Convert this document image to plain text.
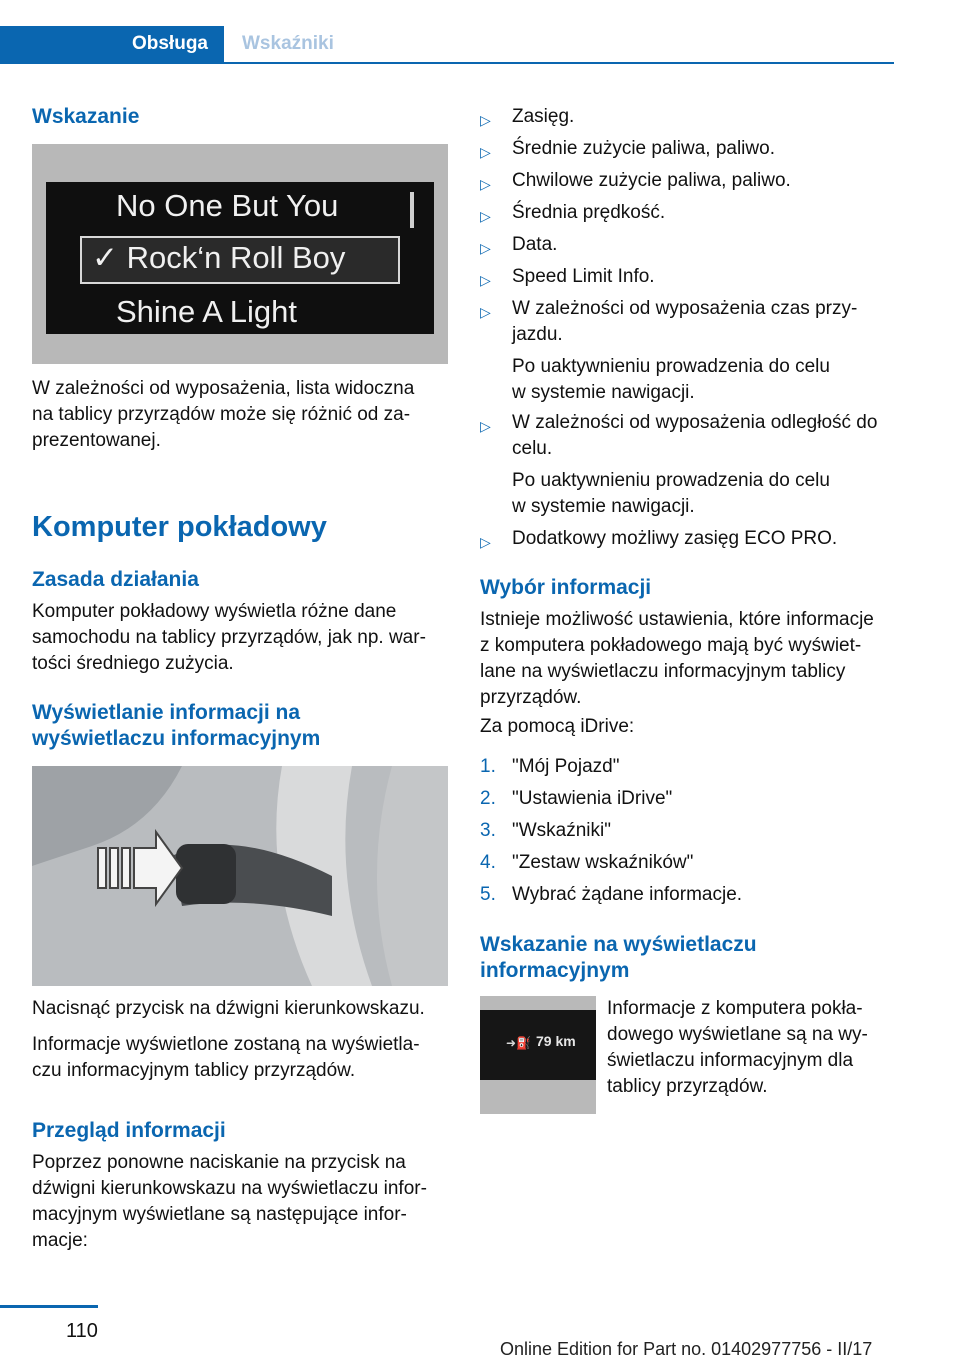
Obsługa	Wskaźniki
Wskazanie
No One But You
✓ Rock‘n Roll Boy
Shine A Light

W zależności od wyposażenia, lista widoczna

na tablicy przyrządów może się różnić od za‐

prezentowanej.

Komputer pokładowy
Zasada działania

Komputer pokładowy wyświetla różne dane

samochodu na tablicy przyrządów, jak np. war‐

tości średniego zużycia.

Wyświetlanie informacji na

wyświetlaczu informacyjnym

Nacisnąć przycisk na dźwigni kierunkowskazu.

Informacje wyświetlone zostaną na wyświetla‐

czu informacyjnym tablicy przyrządów.

Przegląd informacji

Poprzez ponowne naciskanie na przycisk na

dźwigni kierunkowskazu na wyświetlaczu infor‐

macyjnym wyświetlane są następujące infor‐

macje:

▷ Zasięg.
▷ Średnie zużycie paliwa, paliwo.
▷ Chwilowe zużycie paliwa, paliwo.
▷ Średnia prędkość.
▷ Data.
▷ Speed Limit Info.
▷ W zależności od wyposażenia czas przy‐

jazdu.

Po uaktywnieniu prowadzenia do celu

w systemie nawigacji.

▷ W zależności od wyposażenia odległość do

celu.

Po uaktywnieniu prowadzenia do celu

w systemie nawigacji.

▷ Dodatkowy możliwy zasięg ECO PRO.
Wybór informacji

Istnieje możliwość ustawienia, które informacje

z komputera pokładowego mają być wyświet‐

lane na wyświetlaczu informacyjnym tablicy

przyrządów.

Za pomocą iDrive:
1. "Mój Pojazd"
2. "Ustawienia iDrive"
3. "Wskaźniki"
4. "Zestaw wskaźników"
5. Wybrać żądane informacje.

Wskazanie na wyświetlaczu

informacyjnym

➜⛽ 79 km

Informacje z komputera pokła‐

dowego wyświetlane są na wy‐

świetlaczu informacyjnym dla

tablicy przyrządów.

110
Online Edition for Part no. 01402977756 - II/17
